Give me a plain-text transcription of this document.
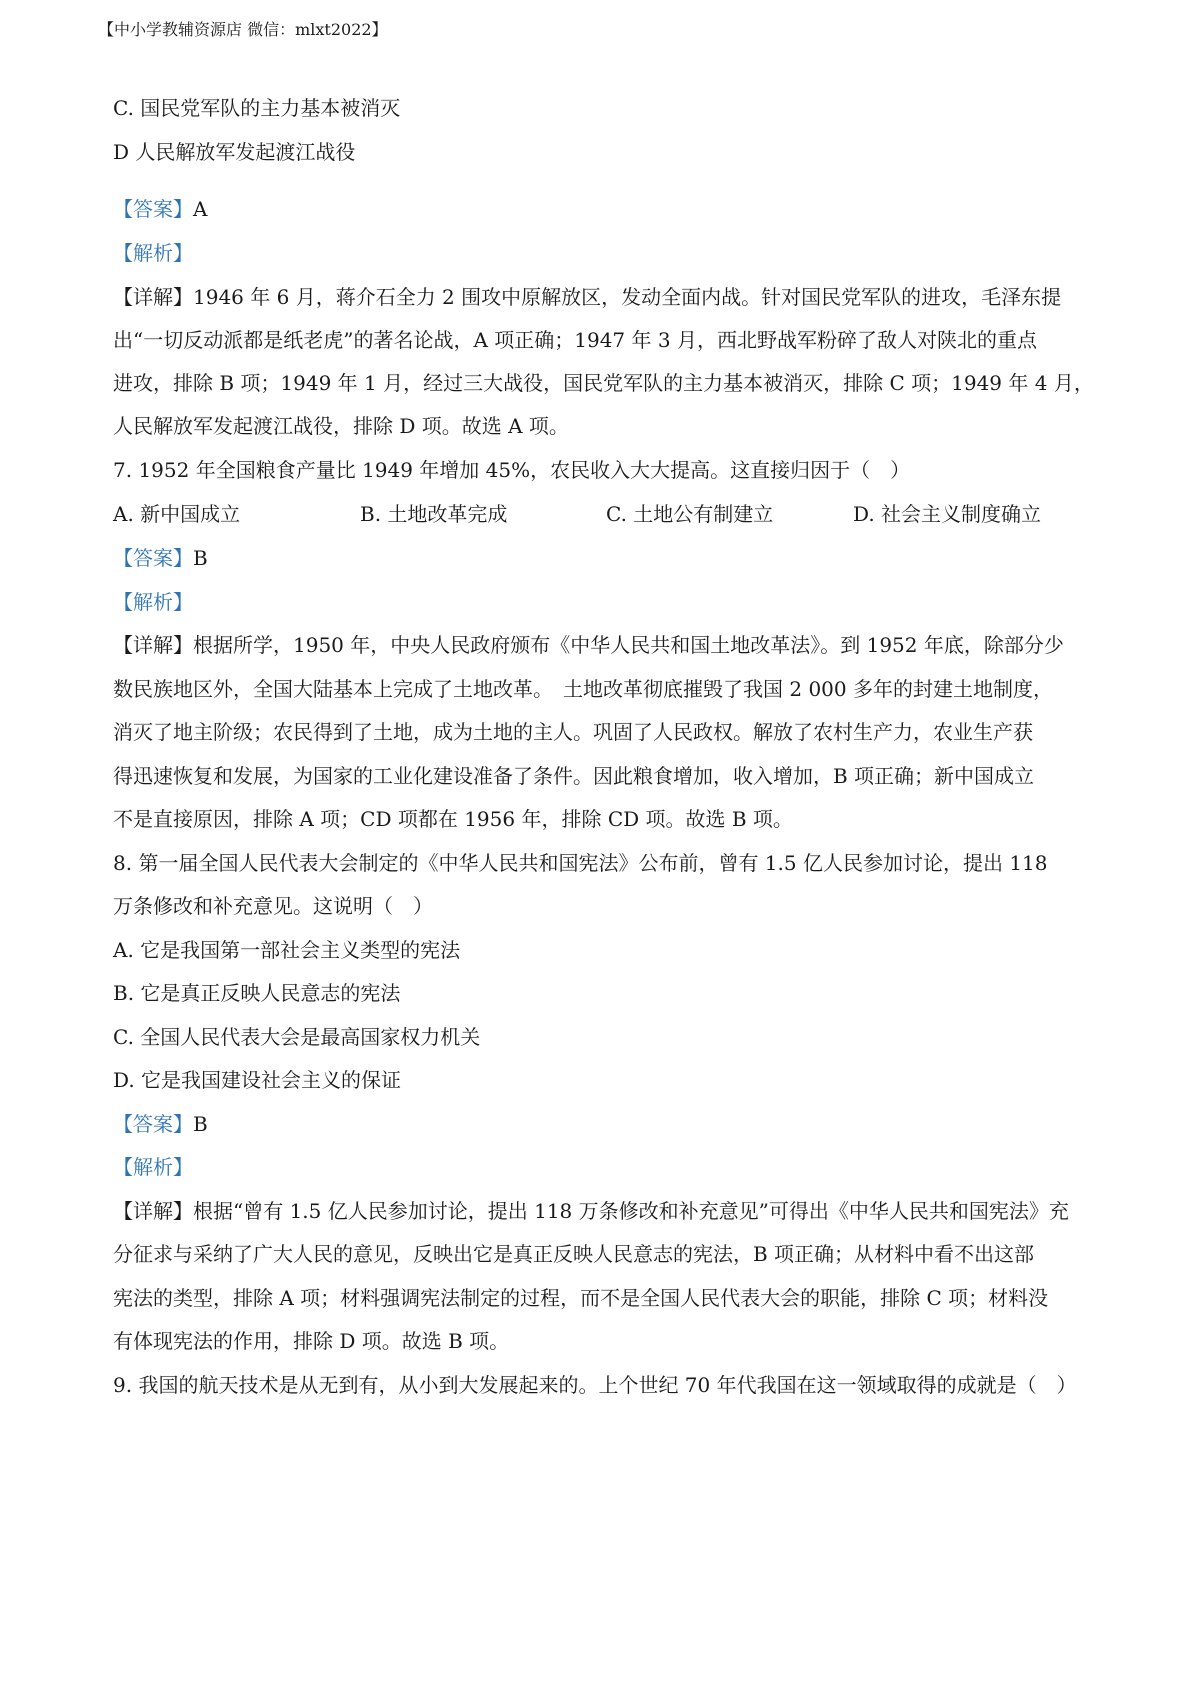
【中小学教辅资源店 微信：mlxt2022】
C. 国民党军队的主力基本被消灭
D 人民解放军发起渡江战役
【答案】A
【解析】
【详解】1946 年 6 月，蒋介石全力 2 围攻中原解放区，发动全面内战。针对国民党军队的进攻，毛泽东提
出“一切反动派都是纸老虎”的著名论战，A 项正确；1947 年 3 月，西北野战军粉碎了敌人对陕北的重点
进攻，排除 B 项；1949 年 1 月，经过三大战役，国民党军队的主力基本被消灭，排除 C 项；1949 年 4 月，
人民解放军发起渡江战役，排除 D 项。故选 A 项。
7. 1952 年全国粮食产量比 1949 年增加 45%，农民收入大大提高。这直接归因于（　）
A. 新中国成立	B. 土地改革完成	C. 土地公有制建立	D. 社会主义制度确立
【答案】B
【解析】
【详解】根据所学，1950 年，中央人民政府颁布《中华人民共和国土地改革法》。到 1952 年底，除部分少
数民族地区外，全国大陆基本上完成了土地改革。　土地改革彻底摧毁了我国 2 000 多年的封建土地制度，
消灭了地主阶级；农民得到了土地，成为土地的主人。巩固了人民政权。解放了农村生产力，农业生产获
得迅速恢复和发展，为国家的工业化建设准备了条件。因此粮食增加，收入增加，B 项正确；新中国成立
不是直接原因，排除 A 项；CD 项都在 1956 年，排除 CD 项。故选 B 项。
8. 第一届全国人民代表大会制定的《中华人民共和国宪法》公布前，曾有 1.5 亿人民参加讨论，提出 118
万条修改和补充意见。这说明（　）
A. 它是我国第一部社会主义类型的宪法
B. 它是真正反映人民意志的宪法
C. 全国人民代表大会是最高国家权力机关
D. 它是我国建设社会主义的保证
【答案】B
【解析】
【详解】根据“曾有 1.5 亿人民参加讨论，提出 118 万条修改和补充意见”可得出《中华人民共和国宪法》充
分征求与采纳了广大人民的意见，反映出它是真正反映人民意志的宪法，B 项正确；从材料中看不出这部
宪法的类型，排除 A 项；材料强调宪法制定的过程，而不是全国人民代表大会的职能，排除 C 项；材料没
有体现宪法的作用，排除 D 项。故选 B 项。
9. 我国的航天技术是从无到有，从小到大发展起来的。上个世纪 70 年代我国在这一领域取得的成就是（　）
